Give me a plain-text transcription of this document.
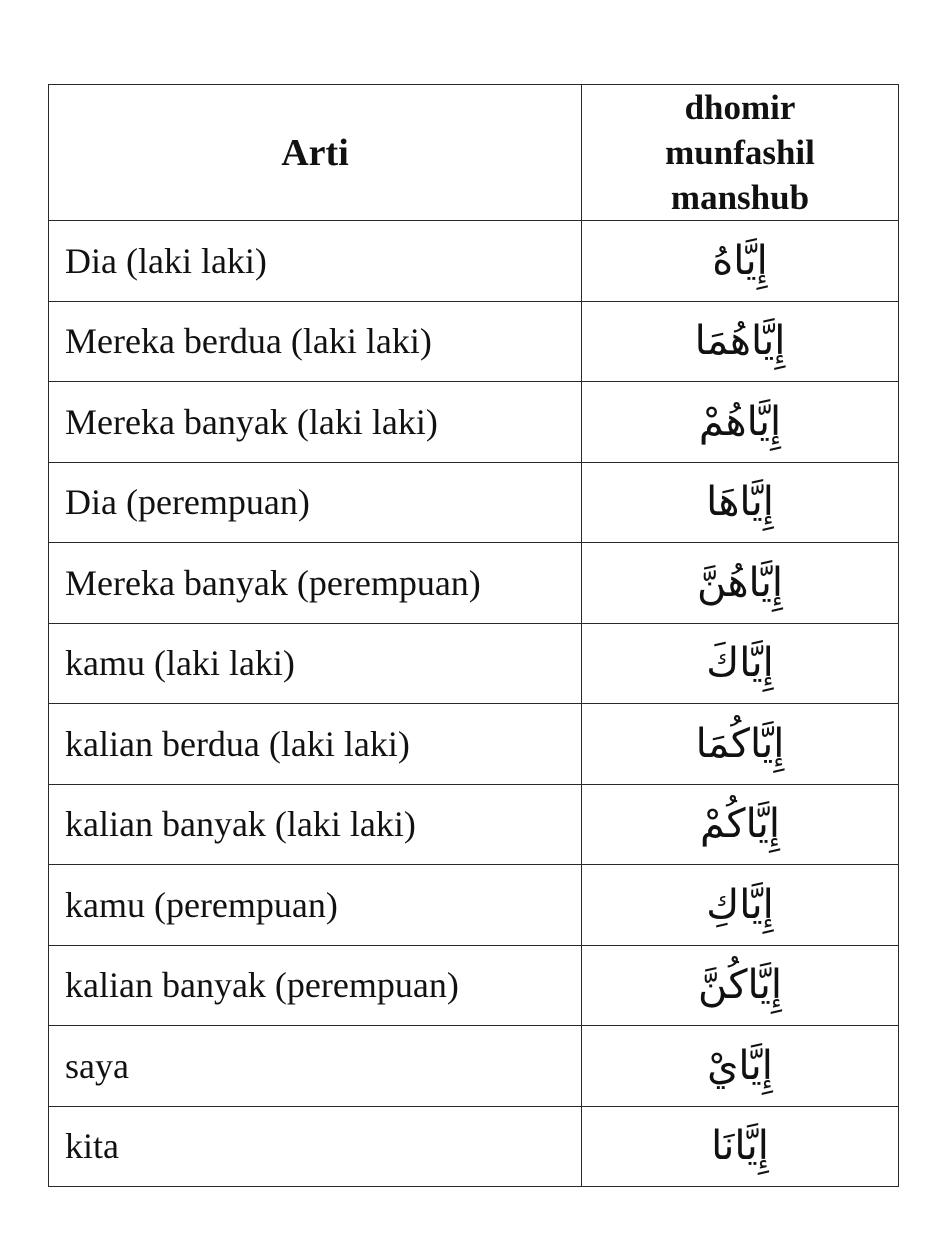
Arti	dhomir munfashil manshub

Dia (laki laki)	إِيَّاهُ
Mereka berdua (laki laki)	إِيَّاهُمَا
Mereka banyak (laki laki)	إِيَّاهُمْ
Dia (perempuan)	إِيَّاهَا
Mereka banyak (perempuan)	إِيَّاهُنَّ
kamu (laki laki)	إِيَّاكَ
kalian berdua (laki laki)	إِيَّاكُمَا
kalian banyak (laki laki)	إِيَّاكُمْ
kamu (perempuan)	إِيَّاكِ
kalian banyak (perempuan)	إِيَّاكُنَّ
saya	إِيَّايْ
kita	إِيَّانَا
